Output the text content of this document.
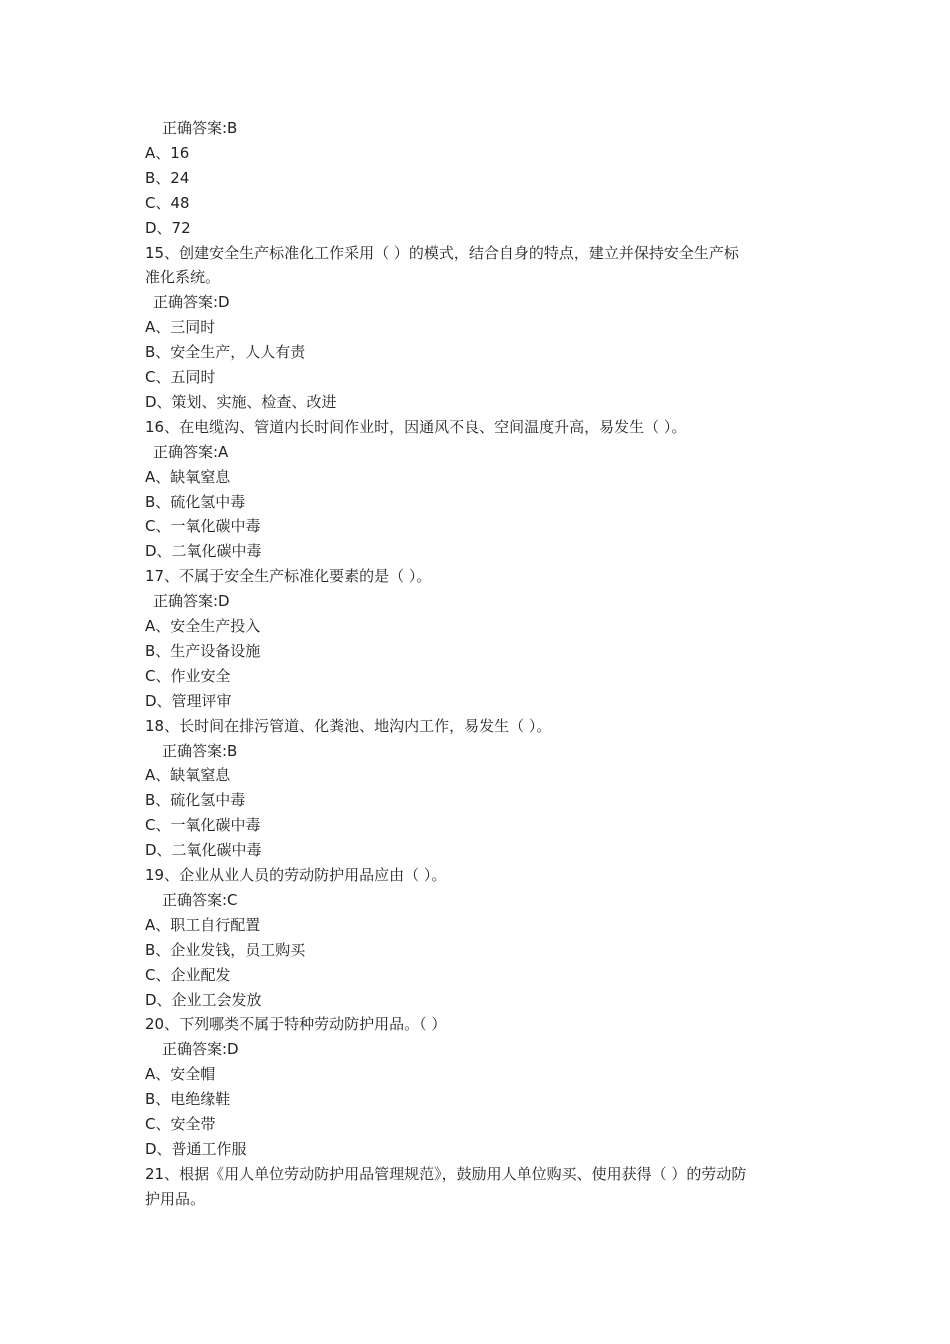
正确答案:B
A、16
B、24
C、48
D、72
15、创建安全生产标准化工作采用（ ）的模式，结合自身的特点，建立并保持安全生产标
准化系统。
正确答案:D
A、三同时
B、安全生产，人人有责
C、五同时
D、策划、实施、检查、改进
16、在电缆沟、管道内长时间作业时，因通风不良、空间温度升高，易发生（ ）。
正确答案:A
A、缺氧窒息
B、硫化氢中毒
C、一氧化碳中毒
D、二氧化碳中毒
17、不属于安全生产标准化要素的是（ ）。
正确答案:D
A、安全生产投入
B、生产设备设施
C、作业安全
D、管理评审
18、长时间在排污管道、化粪池、地沟内工作，易发生（ ）。
正确答案:B
A、缺氧窒息
B、硫化氢中毒
C、一氧化碳中毒
D、二氧化碳中毒
19、企业从业人员的劳动防护用品应由（ ）。
正确答案:C
A、职工自行配置
B、企业发钱，员工购买
C、企业配发
D、企业工会发放
20、下列哪类不属于特种劳动防护用品。（ ）
正确答案:D
A、安全帽
B、电绝缘鞋
C、安全带
D、普通工作服
21、根据《用人单位劳动防护用品管理规范》，鼓励用人单位购买、使用获得（ ）的劳动防
护用品。
